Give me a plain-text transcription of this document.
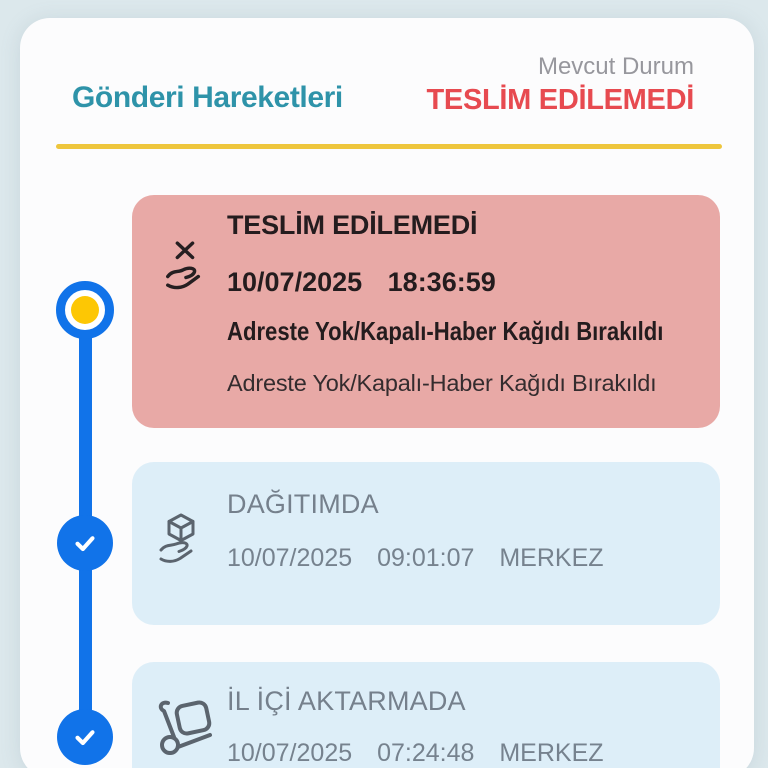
Gönderi Hareketleri
Mevcut Durum
TESLİM EDİLEMEDİ
TESLİM EDİLEMEDİ
10/07/2025 18:36:59
Adreste Yok/Kapalı-Haber Kağıdı Bırakıldı
Adreste Yok/Kapalı-Haber Kağıdı Bırakıldı
DAĞITIMDA
10/07/2025 09:01:07 MERKEZ
İL İÇİ AKTARMADA
10/07/2025 07:24:48 MERKEZ
